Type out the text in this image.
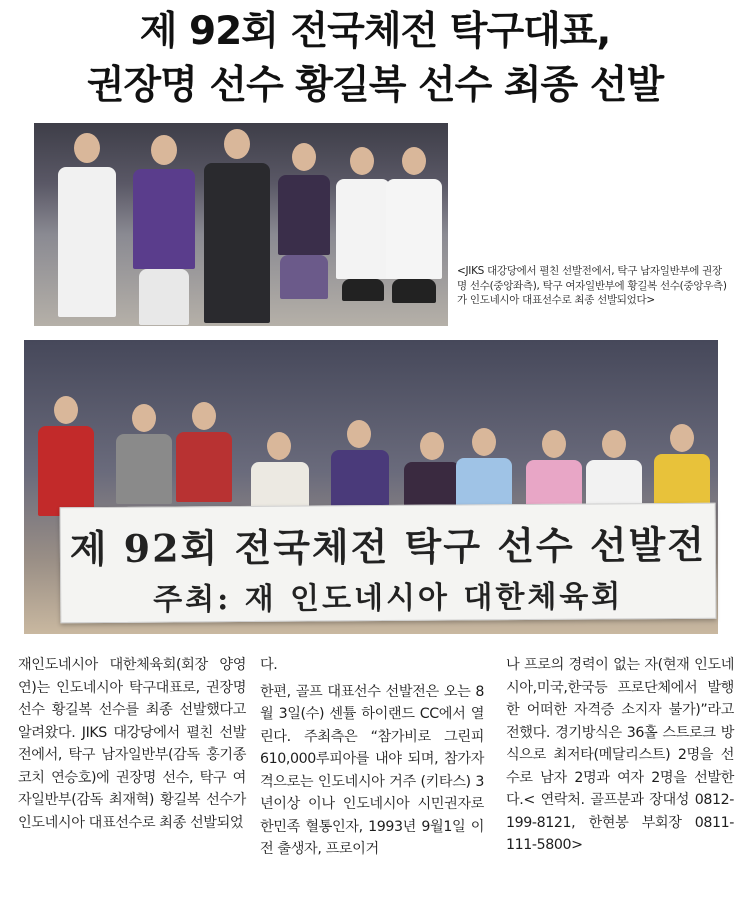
제 92회 전국체전 탁구대표,
권장명 선수 황길복 선수 최종 선발
<JIKS 대강당에서 펼친 선발전에서, 탁구 남자일반부에 권장명 선수(중앙좌측), 탁구 여자일반부에 황길복 선수(중앙우측)가 인도네시아 대표선수로 최종 선발되었다>
제 92회 전국체전 탁구 선수 선발전
주최: 재 인도네시아 대한체육회

재인도네시아 대한체육회(회장 양영연)는 인도네시아 탁구대표로, 권장명 선수 황길복 선수를 최종 선발했다고 알려왔다. JIKS 대강당에서 펼친 선발전에서, 탁구 남자일반부(감독 홍기종 코치 연승호)에 권장명 선수, 탁구 여자일반부(감독 최재혁) 황길복 선수가 인도네시아 대표선수로 최종 선발되었

다.

한편, 골프 대표선수 선발전은 오는 8월 3일(수) 센튤 하이랜드 CC에서 열린다. 주최측은 “참가비로 그린피 610,000루피아를 내야 되며, 참가자격으로는 인도네시아 거주 (키타스) 3년이상 이나 인도네시아 시민권자로 한민족 혈통인자, 1993년 9월1일 이전 출생자, 프로이거

나 프로의 경력이 없는 자(현재 인도네시아,미국,한국등 프로단체에서 발행한 어떠한 자격증 소지자 불가)”라고 전했다. 경기방식은 36홀 스트로크 방식으로 최저타(메달리스트) 2명을 선수로 남자 2명과 여자 2명을 선발한다.< 연락처. 골프분과 장대성 0812-199-8121, 한현봉 부회장 0811-111-5800>
